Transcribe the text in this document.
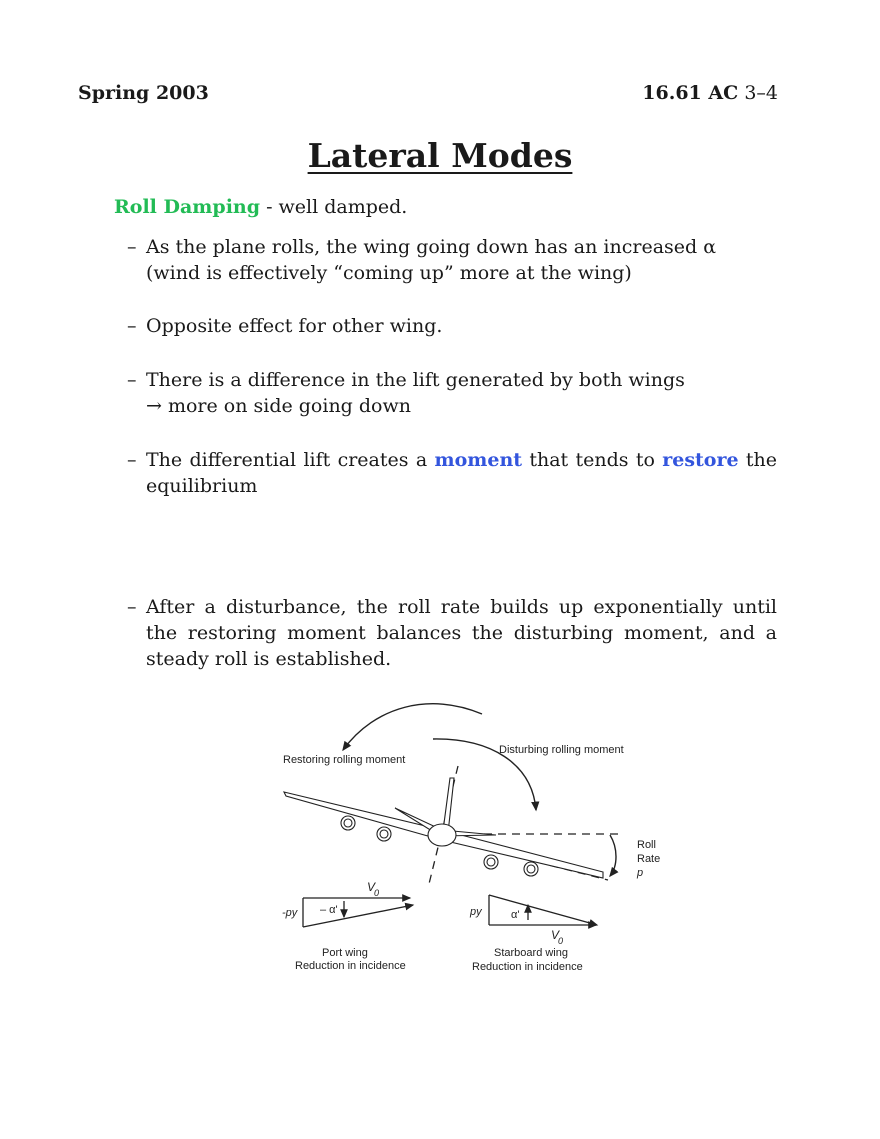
Spring 2003	16.61 AC 3–4
Lateral Modes
Roll Damping - well damped.
– As the plane rolls, the wing going down has an increased α
(wind is effectively “coming up” more at the wing)
– Opposite effect for other wing.
– There is a difference in the lift generated by both wings
→ more on side going down
– The differential lift creates a moment that tends to restore the equilibrium
– After a disturbance, the roll rate builds up exponentially until the restoring moment balances the disturbing moment, and a steady roll is established.
Restoring rolling moment
Disturbing rolling moment
Roll
Rate
p
V
0
-py – α'
Port wing
Reduction in incidence
py	α'
V
0
Starboard wing
Reduction in incidence
